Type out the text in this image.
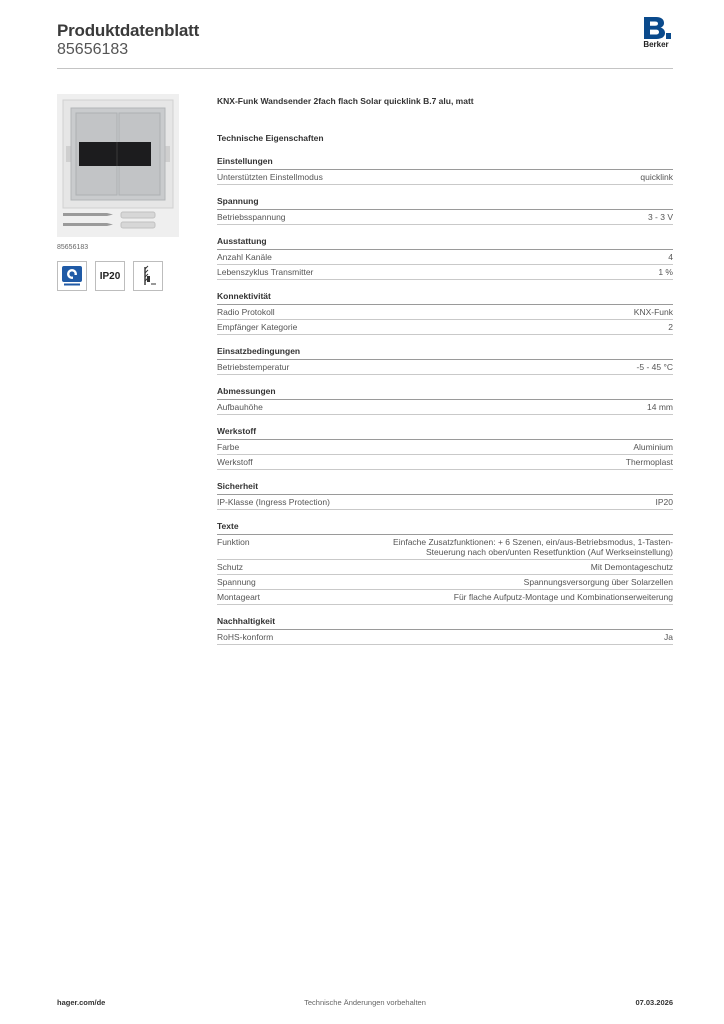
Produktdatenblatt
85656183	Berker
85656183
IP20
KNX-Funk Wandsender 2fach flach Solar quicklink B.7 alu, matt
Technische Eigenschaften
Einstellungen
Unterstützten Einstellmodus	quicklink
Spannung
Betriebsspannung	3 - 3 V
Ausstattung
Anzahl Kanäle	4
Lebenszyklus Transmitter	1 %
Konnektivität
Radio Protokoll	KNX-Funk
Empfänger Kategorie	2
Einsatzbedingungen
Betriebstemperatur	-5 - 45 °C
Abmessungen
Aufbauhöhe	14 mm
Werkstoff
Farbe	Aluminium
Werkstoff	Thermoplast
Sicherheit
IP-Klasse (Ingress Protection)	IP20
Texte
Funktion	Einfache Zusatzfunktionen: + 6 Szenen, ein/aus-Betriebsmodus, 1-Tasten-Steuerung nach oben/unten Resetfunktion (Auf Werkseinstellung)
Schutz	Mit Demontageschutz
Spannung	Spannungsversorgung über Solarzellen
Montageart	Für flache Aufputz-Montage und Kombinationserweiterung
Nachhaltigkeit
RoHS-konform	Ja
hager.com/de	Technische Änderungen vorbehalten	07.03.2026
